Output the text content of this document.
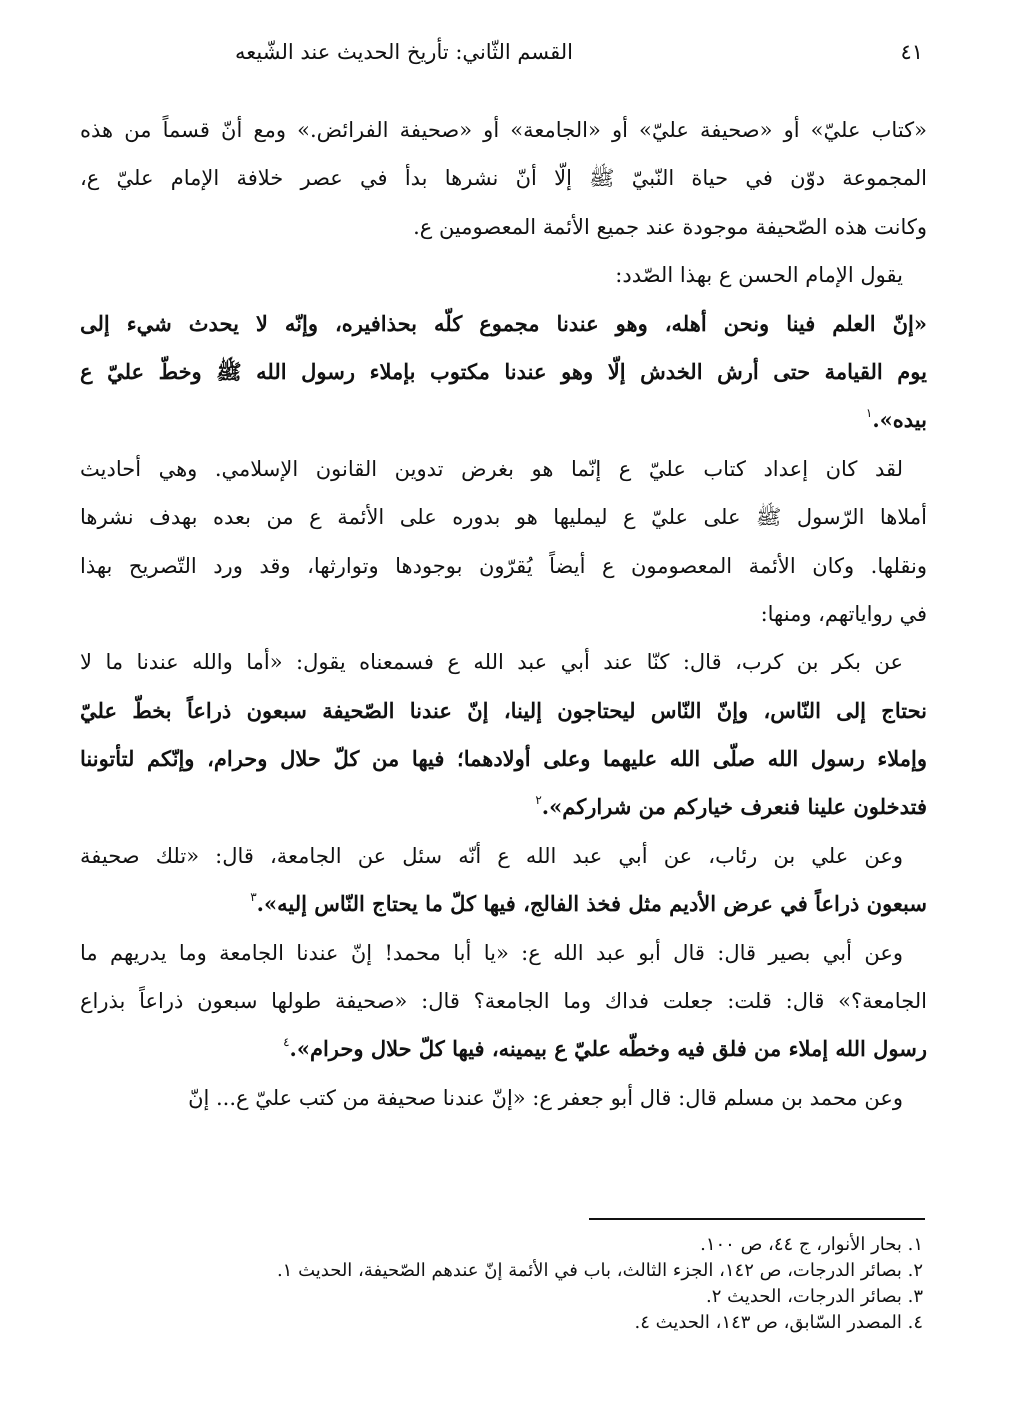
القسم الثّاني: تأريخ الحديث عند الشّيعه	٤١
«كتاب عليّ» أو «صحيفة عليّ» أو «الجامعة» أو «صحيفة الفرائض.» ومع أنّ قسماً من هذه
المجموعة دوّن في حياة النّبيّ ﷺ إلّا أنّ نشرها بدأ في عصر خلافة الإمام عليّ ع،
وكانت هذه الصّحيفة موجودة عند جميع الأئمة المعصومين ع.
يقول الإمام الحسن ع بهذا الصّدد:
«إنّ العلم فينا ونحن أهله، وهو عندنا مجموع كلّه بحذافيره، وإنّه لا يحدث شيء إلى
يوم القيامة حتى أرش الخدش إلّا وهو عندنا مكتوب بإملاء رسول الله ﷺ وخطّ عليّ ع
بيده».$^١$
لقد كان إعداد كتاب عليّ ع إنّما هو بغرض تدوين القانون الإسلامي. وهي أحاديث
أملاها الرّسول ﷺ على عليّ ع ليمليها هو بدوره على الأئمة ع من بعده بهدف نشرها
ونقلها. وكان الأئمة المعصومون ع أيضاً يُقرّون بوجودها وتوارثها، وقد ورد التّصريح بهذا
في رواياتهم، ومنها:
عن بكر بن كرب، قال: كنّا عند أبي عبد الله ع فسمعناه يقول: «أما والله عندنا ما لا
نحتاج إلى النّاس، وإنّ النّاس ليحتاجون إلينا، إنّ عندنا الصّحيفة سبعون ذراعاً بخطّ عليّ
وإملاء رسول الله صلّى الله عليهما وعلى أولادهما؛ فيها من كلّ حلال وحرام، وإنّكم لتأتوننا
فتدخلون علينا فنعرف خياركم من شراركم».$^٢$
وعن علي بن رئاب، عن أبي عبد الله ع أنّه سئل عن الجامعة، قال: «تلك صحيفة
سبعون ذراعاً في عرض الأديم مثل فخذ الفالج، فيها كلّ ما يحتاج النّاس إليه».$^٣$
وعن أبي بصير قال: قال أبو عبد الله ع: «يا أبا محمد! إنّ عندنا الجامعة وما يدريهم ما
الجامعة؟» قال: قلت: جعلت فداك وما الجامعة؟ قال: «صحيفة طولها سبعون ذراعاً بذراع
رسول الله إملاء من فلق فيه وخطّه عليّ ع بيمينه، فيها كلّ حلال وحرام».$^٤$
وعن محمد بن مسلم قال: قال أبو جعفر ع: «إنّ عندنا صحيفة من كتب عليّ ع... إنّ
١. بحار الأنوار، ج ٤٤، ص ١٠٠.
٢. بصائر الدرجات، ص ١٤٢، الجزء الثالث، باب في الأئمة إنّ عندهم الصّحيفة، الحديث ١.
٣. بصائر الدرجات، الحديث ٢.
٤. المصدر السّابق، ص ١٤٣، الحديث ٤.
